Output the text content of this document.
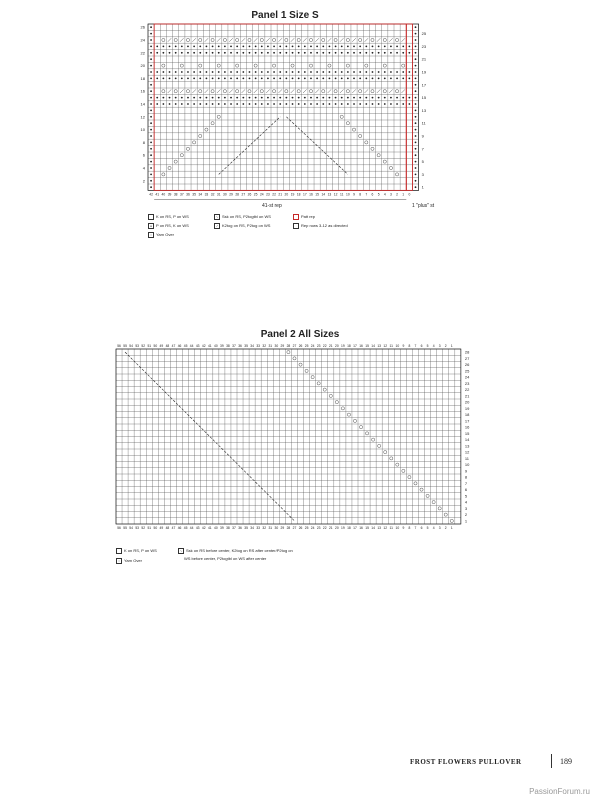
Panel 1 Size S
Panel 2 All Sizes
1
2
3
4
5
6
7
8
9
10
11
12
13
14
15
16
17
18
19
20
21
22
23
24
25
26
42 41 40 39 38 37 36 35 34 33 32 31 30 29 28 27 26 25 24 23 22 21 20 19 18 17 16 15 14 13 12 11 10 9 8 7 6 5 4 3 2 1 0
56
56
55
55
54
54
53
53
52
52
51
51
50
50
49
49
48
48
47
47
46
46
45
45
44
44
43
43
42
42
41
41
40
40
39
39
38
38
37
37
36
36
35
35
34
34
33
33
32
32
31
31
30
30
29
29
28
28
27
27
26
26
25
25
24
24
23
23
22
22
21
21
20
20
19
19
18
18
17
17
16
16
15
15
14
14
13
13
12
12
11
11
10
10
9
9
8
8
7
7
6
6
5
5
4
4
3
3
2
2
1
1
1
2
3
4
5
6
7
8
9
10
11
12
13
14
15
16
17
18
19
20
21
22
23
24
25
26
27
28
41-st rep	1 "plus" st
K on RS, P on WS
● P on RS, K on WS
○ Yarn Over
\ Ssk on RS, P2togtbl on WS
/ K2tog on RS, P2tog on WS
Patt rep
Rep rows 3-12 as directed
K on RS, P on WS
○ Yarn Over
\ Ssk on RS before center, K2tog on RS after center/P2tog on
WS before center, P2togtbl on WS after center
FROST FLOWERS PULLOVER	189
PassionForum.ru
